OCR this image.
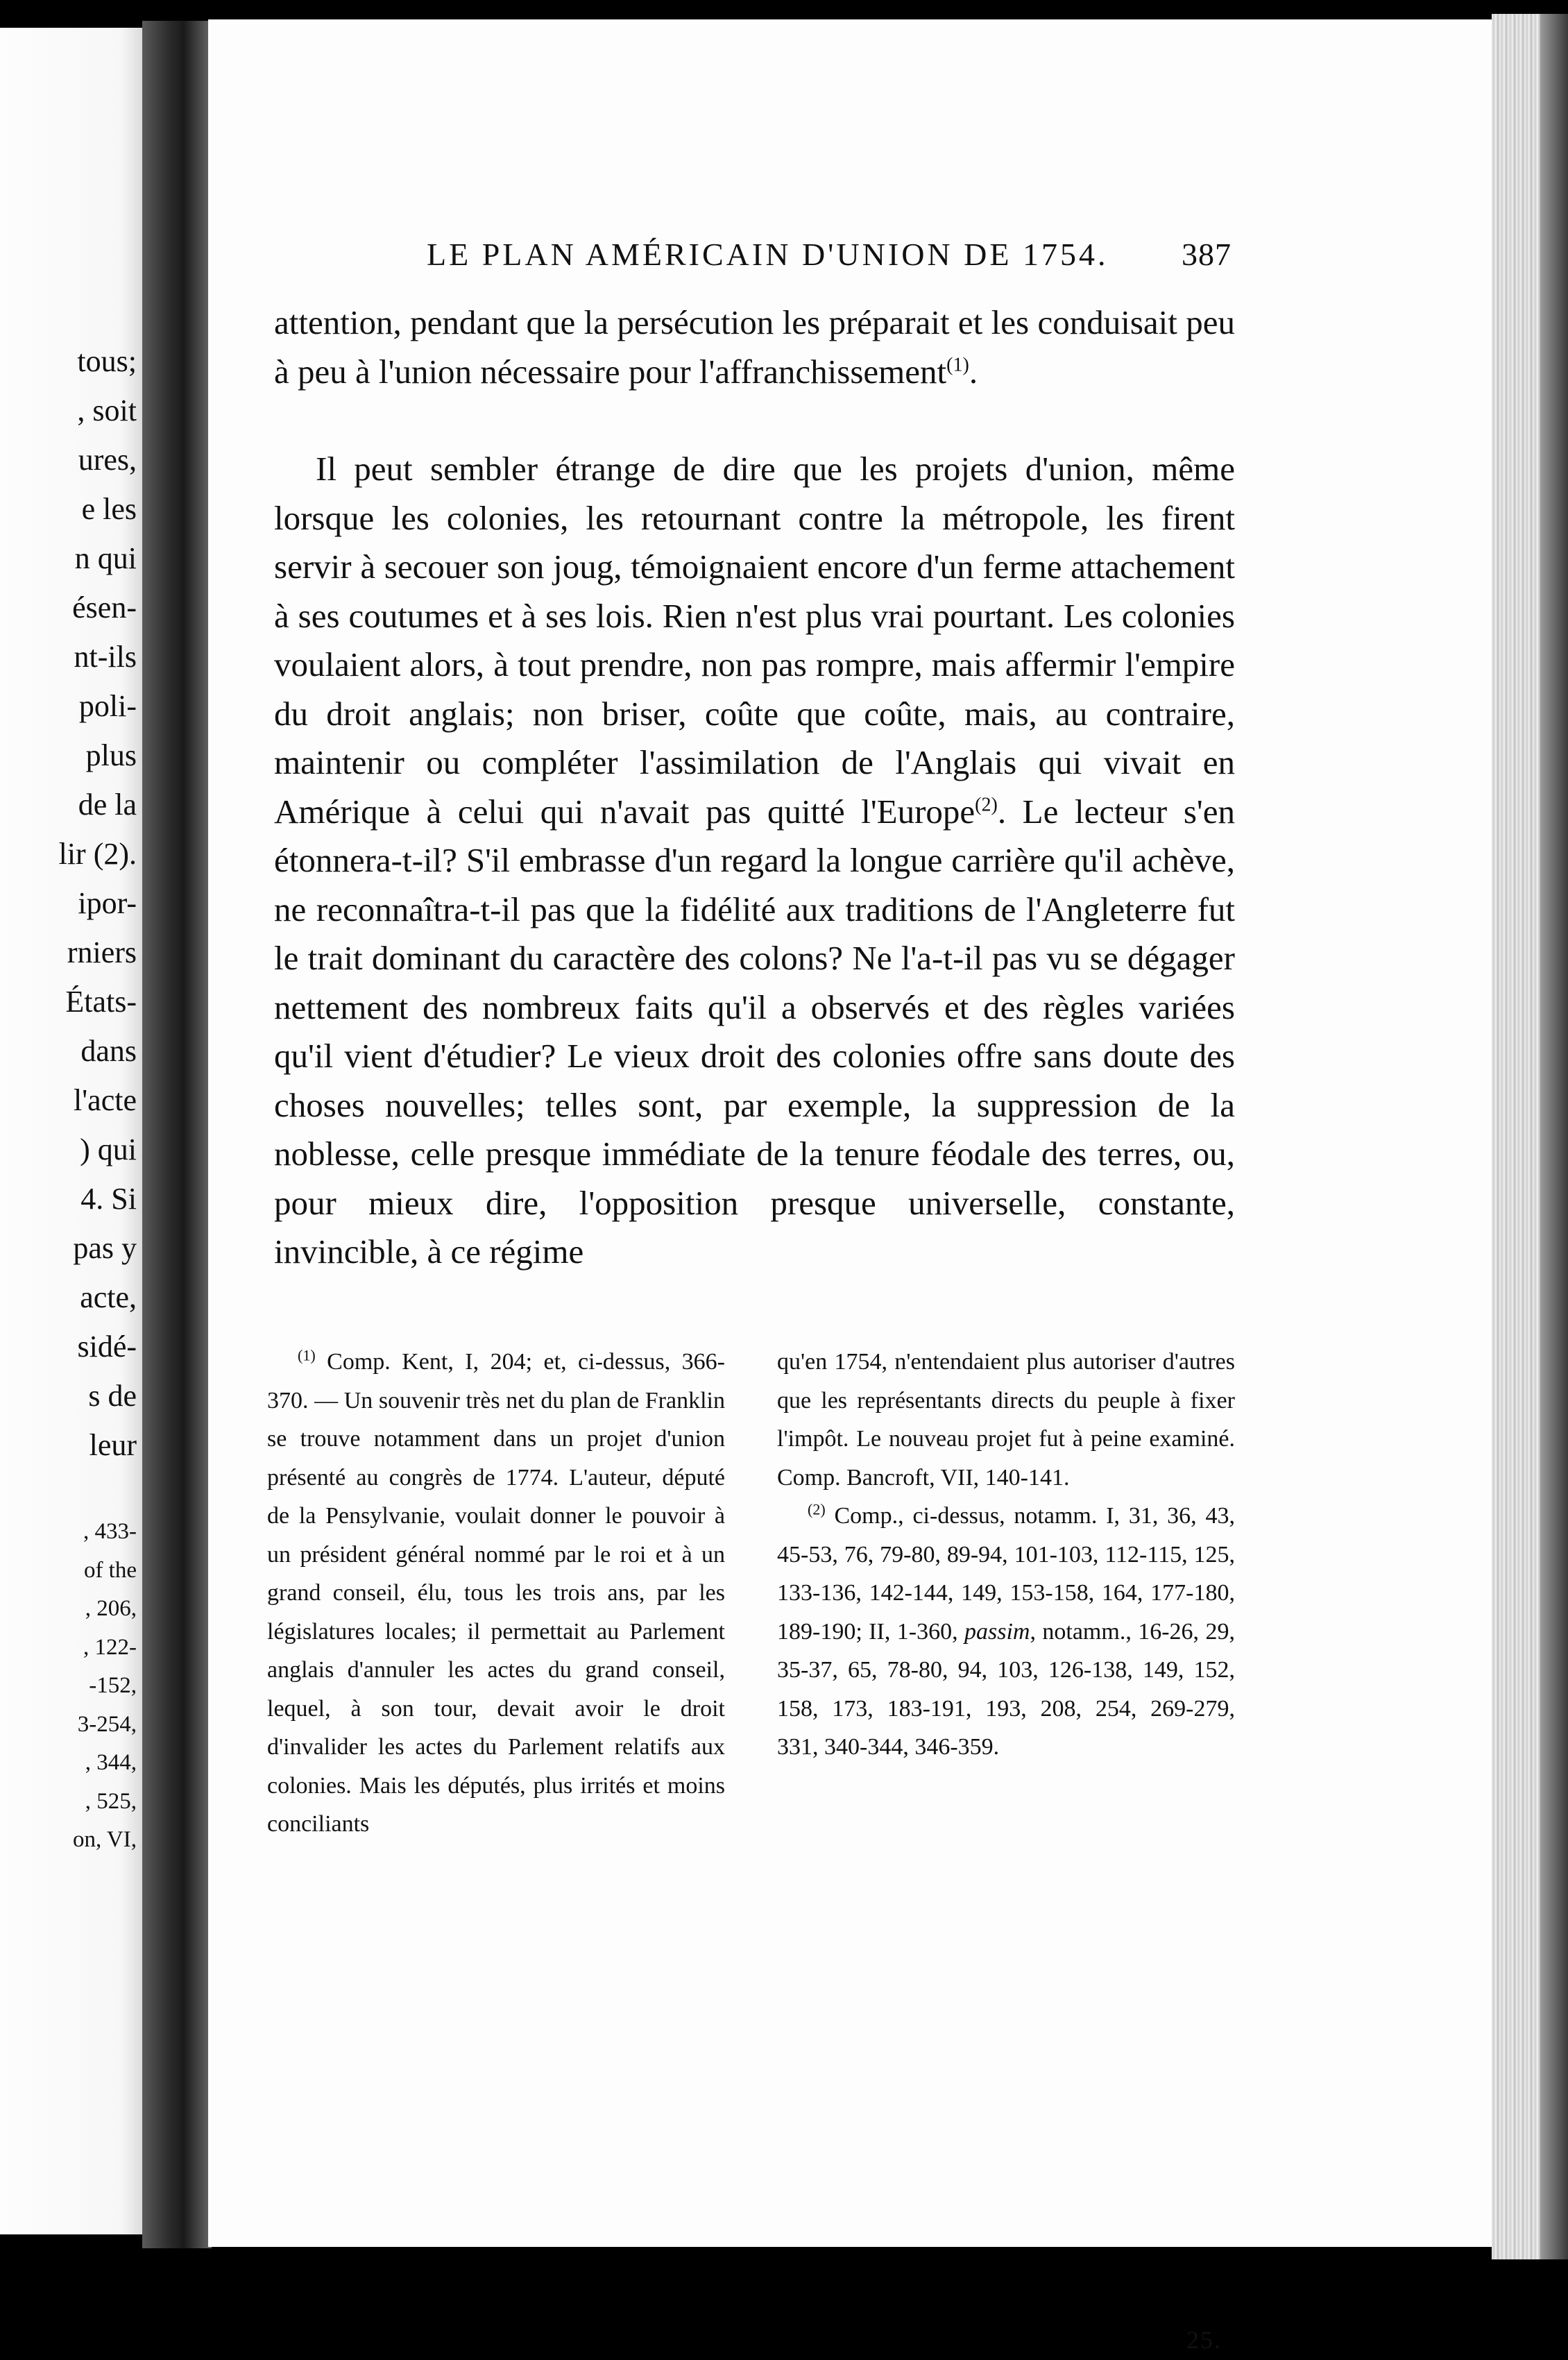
tous;
, soit
ures,
e les
n qui
ésen-
nt-ils
poli-
plus
de la
lir (2).
ipor-
rniers
États-
dans
l'acte
) qui
4. Si
pas y
acte,
sidé-
s de
leur
, 433-
of the
, 206,
, 122-
-152,
3-254,
, 344,
, 525,
on, VI,
LE PLAN AMÉRICAIN D'UNION DE 1754. 387

attention, pendant que la persécution les préparait et les conduisait peu à peu à l'union nécessaire pour l'affranchissement$^{(1)}$.

Il peut sembler étrange de dire que les projets d'union, même lorsque les colonies, les retournant contre la métropole, les firent servir à secouer son joug, témoignaient encore d'un ferme attachement à ses coutumes et à ses lois. Rien n'est plus vrai pourtant. Les colonies voulaient alors, à tout prendre, non pas rompre, mais affermir l'empire du droit anglais; non briser, coûte que coûte, mais, au contraire, maintenir ou compléter l'assimilation de l'Anglais qui vivait en Amérique à celui qui n'avait pas quitté l'Europe$^{(2)}$. Le lecteur s'en étonnera-t-il? S'il embrasse d'un regard la longue carrière qu'il achève, ne reconnaîtra-t-il pas que la fidélité aux traditions de l'Angleterre fut le trait dominant du caractère des colons? Ne l'a-t-il pas vu se dégager nettement des nombreux faits qu'il a observés et des règles variées qu'il vient d'étudier? Le vieux droit des colonies offre sans doute des choses nouvelles; telles sont, par exemple, la suppression de la noblesse, celle presque immédiate de la tenure féodale des terres, ou, pour mieux dire, l'opposition presque universelle, constante, invincible, à ce régime

$^{(1)}$ Comp. Kent, I, 204; et, ci-dessus, 366-370. — Un souvenir très net du plan de Franklin se trouve notamment dans un projet d'union présenté au congrès de 1774. L'auteur, député de la Pensylvanie, voulait donner le pouvoir à un président général nommé par le roi et à un grand conseil, élu, tous les trois ans, par les législatures locales; il permettait au Parlement anglais d'annuler les actes du grand conseil, lequel, à son tour, devait avoir le droit d'invalider les actes du Parlement relatifs aux colonies. Mais les députés, plus irrités et moins conciliants

qu'en 1754, n'entendaient plus autoriser d'autres que les représentants directs du peuple à fixer l'impôt. Le nouveau projet fut à peine examiné. Comp. Bancroft, VII, 140-141.

$^{(2)}$ Comp., ci-dessus, notamm. I, 31, 36, 43, 45-53, 76, 79-80, 89-94, 101-103, 112-115, 125, 133-136, 142-144, 149, 153-158, 164, 177-180, 189-190; II, 1-360, passim, notamm., 16-26, 29, 35-37, 65, 78-80, 94, 103, 126-138, 149, 152, 158, 173, 183-191, 193, 208, 254, 269-279, 331, 340-344, 346-359.

25.
